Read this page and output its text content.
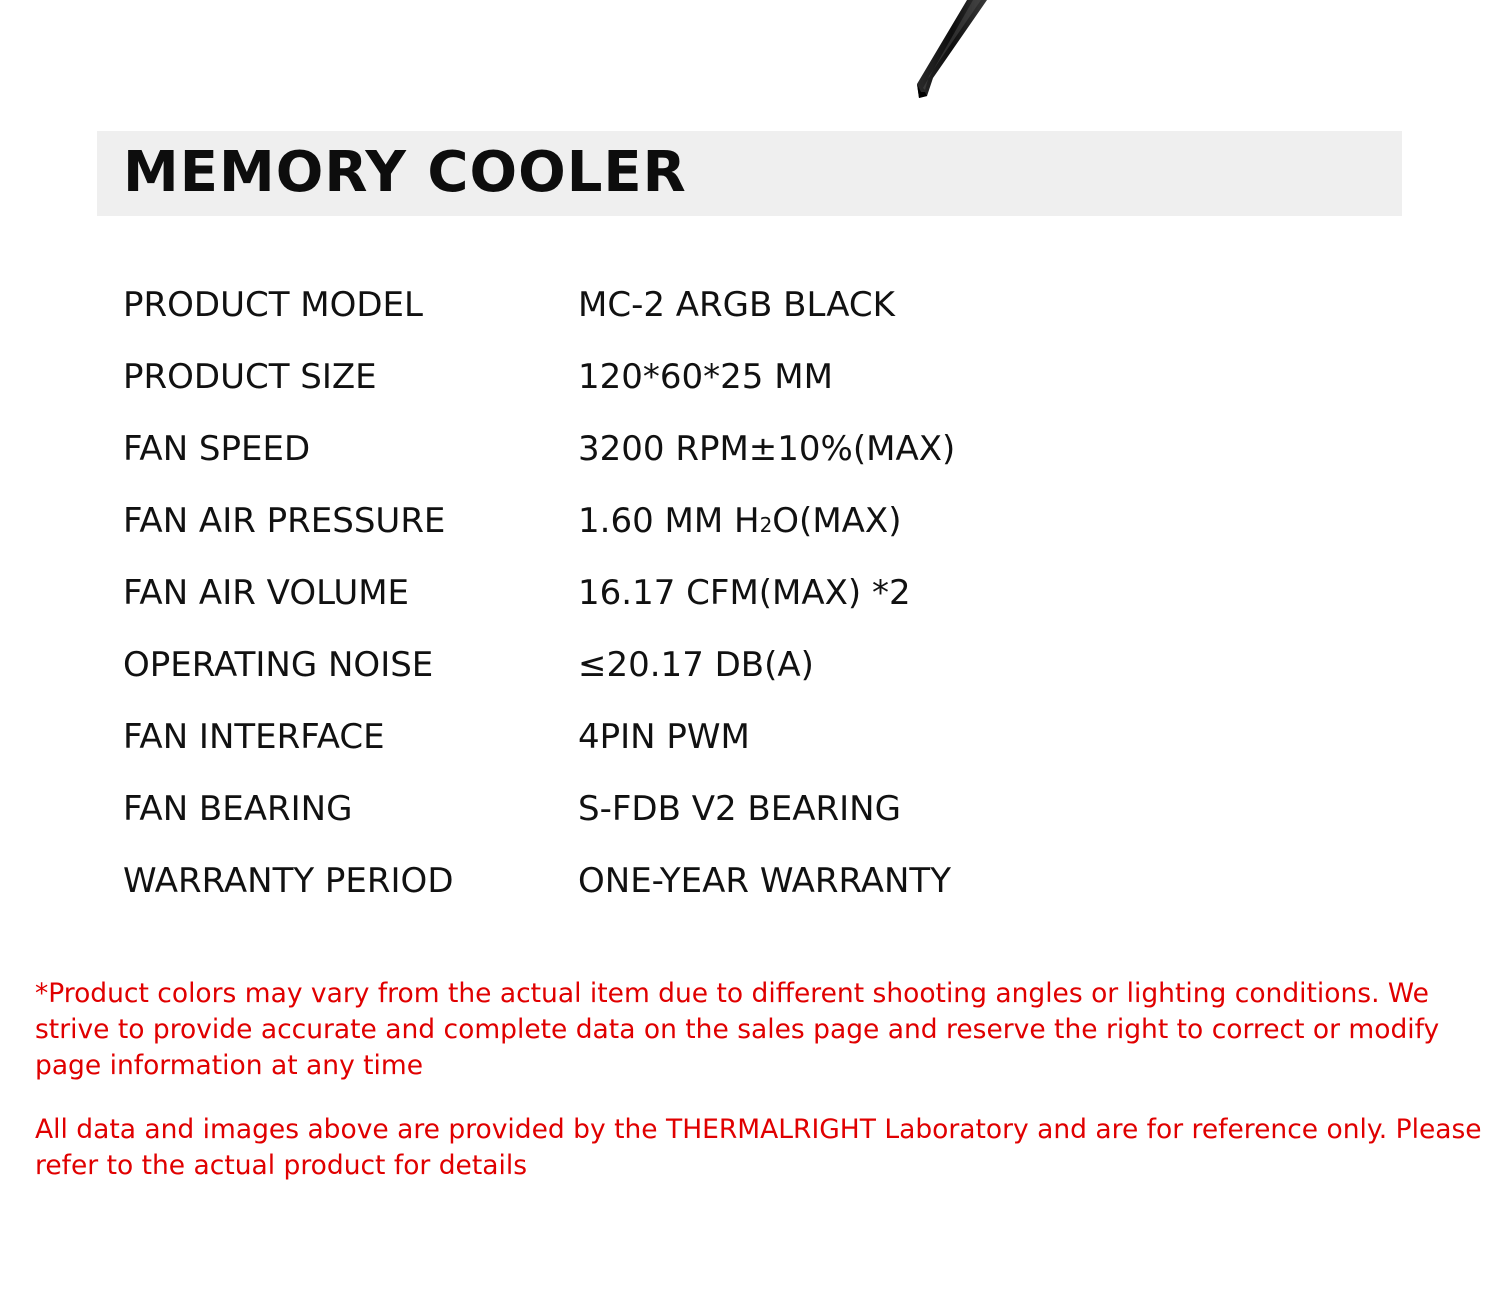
MEMORY COOLER
PRODUCT MODEL	MC-2 ARGB BLACK
PRODUCT SIZE	120*60*25 MM
FAN SPEED	3200 RPM±10%(MAX)
FAN AIR PRESSURE	1.60 MM H2O(MAX)
FAN AIR VOLUME	16.17 CFM(MAX) *2
OPERATING NOISE	≤20.17 DB(A)
FAN INTERFACE	4PIN PWM
FAN BEARING	S-FDB V2 BEARING
WARRANTY PERIOD	ONE-YEAR WARRANTY

*Product colors may vary from the actual item due to different shooting angles or lighting conditions. We strive to provide accurate and complete data on the sales page and reserve the right to correct or modify page information at any time

All data and images above are provided by the THERMALRIGHT Laboratory and are for reference only. Please refer to the actual product for details
